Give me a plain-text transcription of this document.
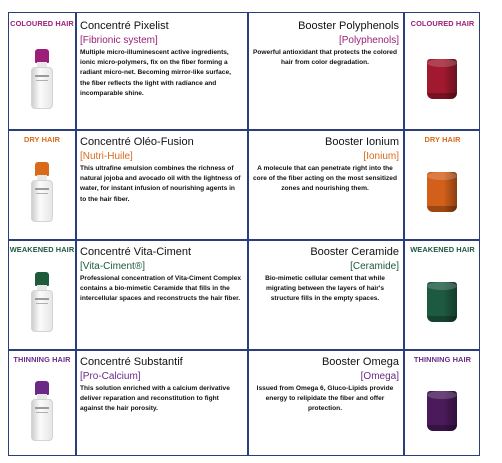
COLOURED HAIR Concentré Pixelist
[Fibrionic system]
Multiple micro-illuminescent active ingredients, ionic micro-polymers, fix on the fiber forming a radiant micro-net. Becoming mirror-like surface, the fiber reflects the light with radiance and incomparable shine.
Booster Polyphenols
[Polyphenols]
Powerful antioxidant that protects the colored hair from color degradation.
COLOURED HAIR
DRY HAIR	Concentré Oléo-Fusion
[Nutri-Huile]
This ultrafine emulsion combines the richness of natural jojoba and avocado oil with the lightness of water, for instant infusion of nourishing agents in to the hair fiber.
Booster Ionium
[Ionium]
A molecule that can penetrate right into the core of the fiber acting on the most sensitized zones and nourishing them.
DRY HAIR
WEAKENED HAIR Concentré Vita-Ciment
[Vita-Ciment®]
Professional concentration of Vita-Ciment Complex contains a bio-mimetic Ceramide that fills in the intercellular spaces and reconstructs the hair fiber.
Booster Ceramide
[Ceramide]
Bio-mimetic cellular cement that while migrating between the layers of hair's structure fills in the empty spaces.
WEAKENED HAIR
THINNING HAIR Concentré Substantif
[Pro-Calcium]
This solution enriched with a calcium derivative deliver reparation and reconstitution to fight against the hair porosity.
Booster Omega
[Omega]
Issued from Omega 6, Gluco-Lipids provide energy to relipidate the fiber and offer protection.
THINNING HAIR
